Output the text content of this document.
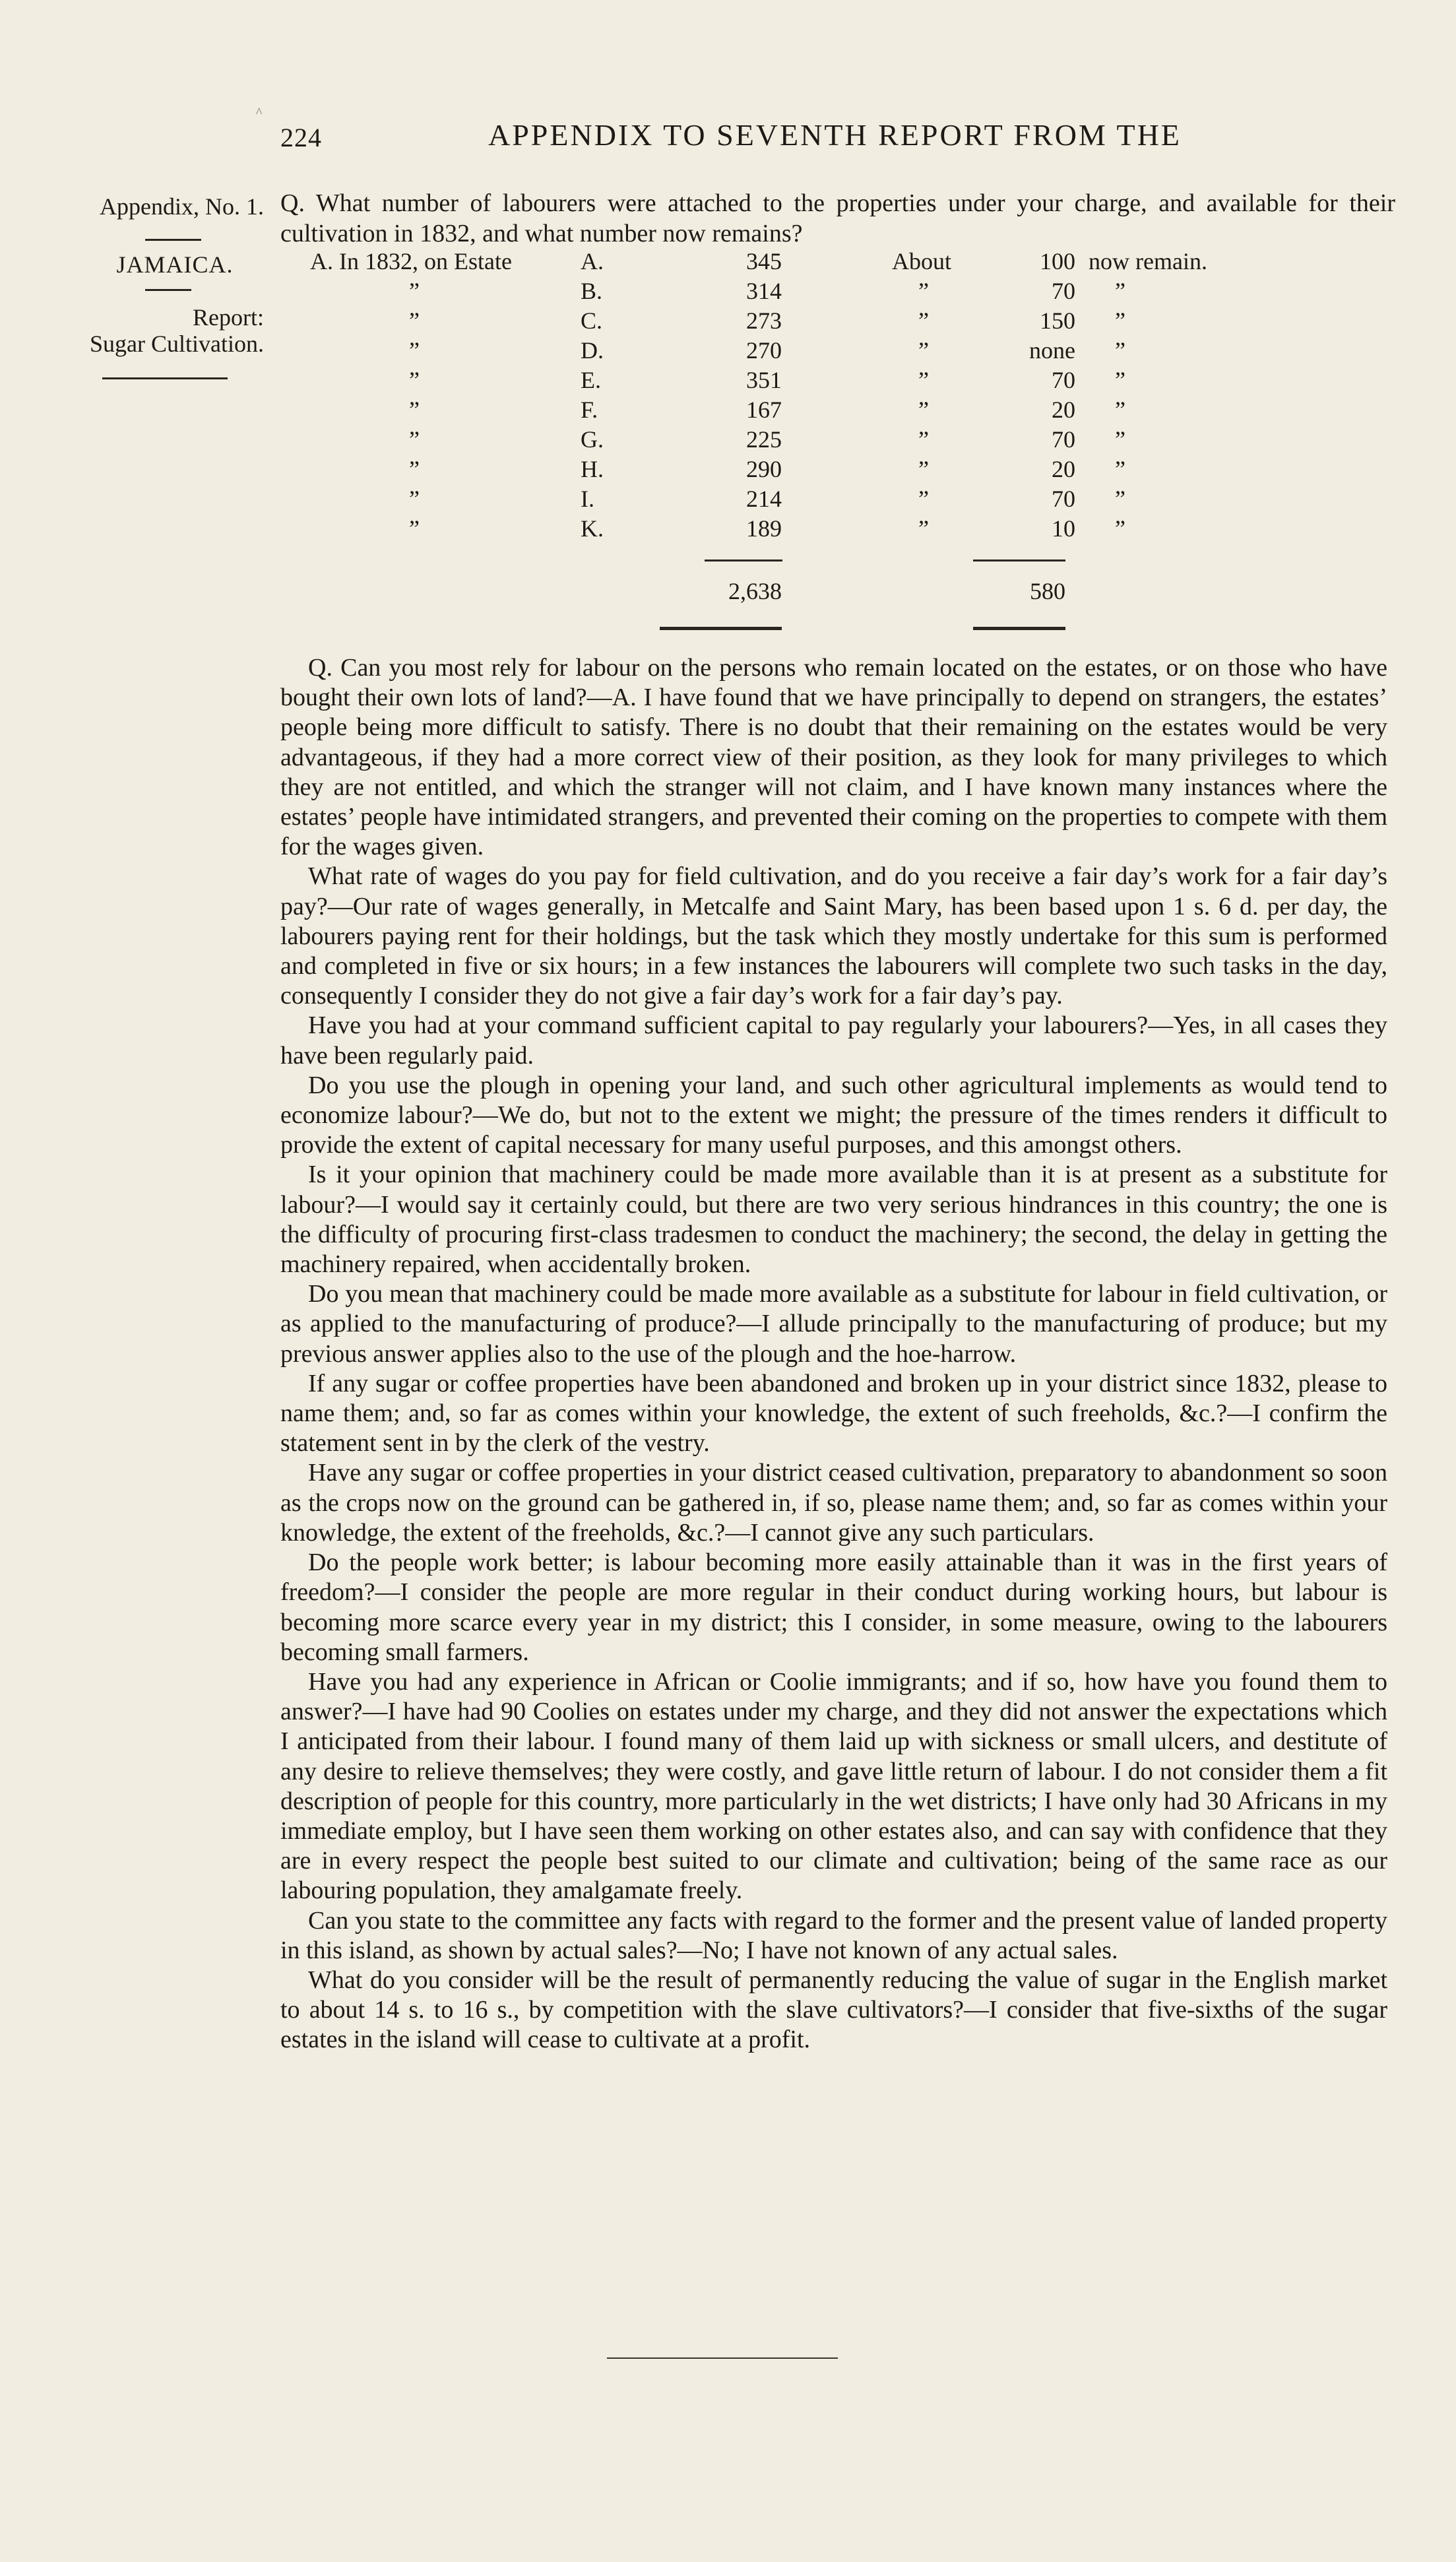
^
224	APPENDIX TO SEVENTH REPORT FROM THE
Appendix, No. 1.
JAMAICA.
Report:
Sugar Cultivation.
Q. What number of labourers were attached to the properties under your charge, and available for their cultivation in 1832, and what number now remains?
A. In 1832, on Estate	A.	345	About	100 now remain.
”	B.	314	”	70 ”
”	C.	273	”	150 ”
”	D.	270	”	none ”
”	E.	351	”	70 ”
”	F.	167	”	20 ”
”	G.	225	”	70 ”
”	H.	290	”	20 ”
”	I.	214	”	70 ”
”	K.	189	”	10 ”
2,638	580

Q. Can you most rely for labour on the persons who remain located on the estates, or on those who have bought their own lots of land?—A. I have found that we have principally to depend on strangers, the estates’ people being more difficult to satisfy. There is no doubt that their remaining on the estates would be very advantageous, if they had a more correct view of their position, as they look for many privileges to which they are not entitled, and which the stranger will not claim, and I have known many instances where the estates’ people have intimidated strangers, and prevented their coming on the properties to compete with them for the wages given.

What rate of wages do you pay for field cultivation, and do you receive a fair day’s work for a fair day’s pay?—Our rate of wages generally, in Metcalfe and Saint Mary, has been based upon 1 s. 6 d. per day, the labourers paying rent for their holdings, but the task which they mostly undertake for this sum is performed and completed in five or six hours; in a few instances the labourers will complete two such tasks in the day, consequently I consider they do not give a fair day’s work for a fair day’s pay.

Have you had at your command sufficient capital to pay regularly your labourers?—Yes, in all cases they have been regularly paid.

Do you use the plough in opening your land, and such other agricultural implements as would tend to economize labour?—We do, but not to the extent we might; the pressure of the times renders it difficult to provide the extent of capital necessary for many useful purposes, and this amongst others.

Is it your opinion that machinery could be made more available than it is at present as a substitute for labour?—I would say it certainly could, but there are two very serious hindrances in this country; the one is the difficulty of procuring first-class tradesmen to conduct the machinery; the second, the delay in getting the machinery repaired, when accidentally broken.

Do you mean that machinery could be made more available as a substitute for labour in field cultivation, or as applied to the manufacturing of produce?—I allude principally to the manufacturing of produce; but my previous answer applies also to the use of the plough and the hoe-harrow.

If any sugar or coffee properties have been abandoned and broken up in your district since 1832, please to name them; and, so far as comes within your knowledge, the extent of such freeholds, &c.?—I confirm the statement sent in by the clerk of the vestry.

Have any sugar or coffee properties in your district ceased cultivation, preparatory to abandonment so soon as the crops now on the ground can be gathered in, if so, please name them; and, so far as comes within your knowledge, the extent of the freeholds, &c.?—I cannot give any such particulars.

Do the people work better; is labour becoming more easily attainable than it was in the first years of freedom?—I consider the people are more regular in their conduct during working hours, but labour is becoming more scarce every year in my district; this I consider, in some measure, owing to the labourers becoming small farmers.

Have you had any experience in African or Coolie immigrants; and if so, how have you found them to answer?—I have had 90 Coolies on estates under my charge, and they did not answer the expectations which I anticipated from their labour. I found many of them laid up with sickness or small ulcers, and destitute of any desire to relieve themselves; they were costly, and gave little return of labour. I do not consider them a fit description of people for this country, more particularly in the wet districts; I have only had 30 Africans in my immediate employ, but I have seen them working on other estates also, and can say with confidence that they are in every respect the people best suited to our climate and cultivation; being of the same race as our labouring population, they amalgamate freely.

Can you state to the committee any facts with regard to the former and the present value of landed property in this island, as shown by actual sales?—No; I have not known of any actual sales.

What do you consider will be the result of permanently reducing the value of sugar in the English market to about 14 s. to 16 s., by competition with the slave cultivators?—I consider that five-sixths of the sugar estates in the island will cease to cultivate at a profit.
